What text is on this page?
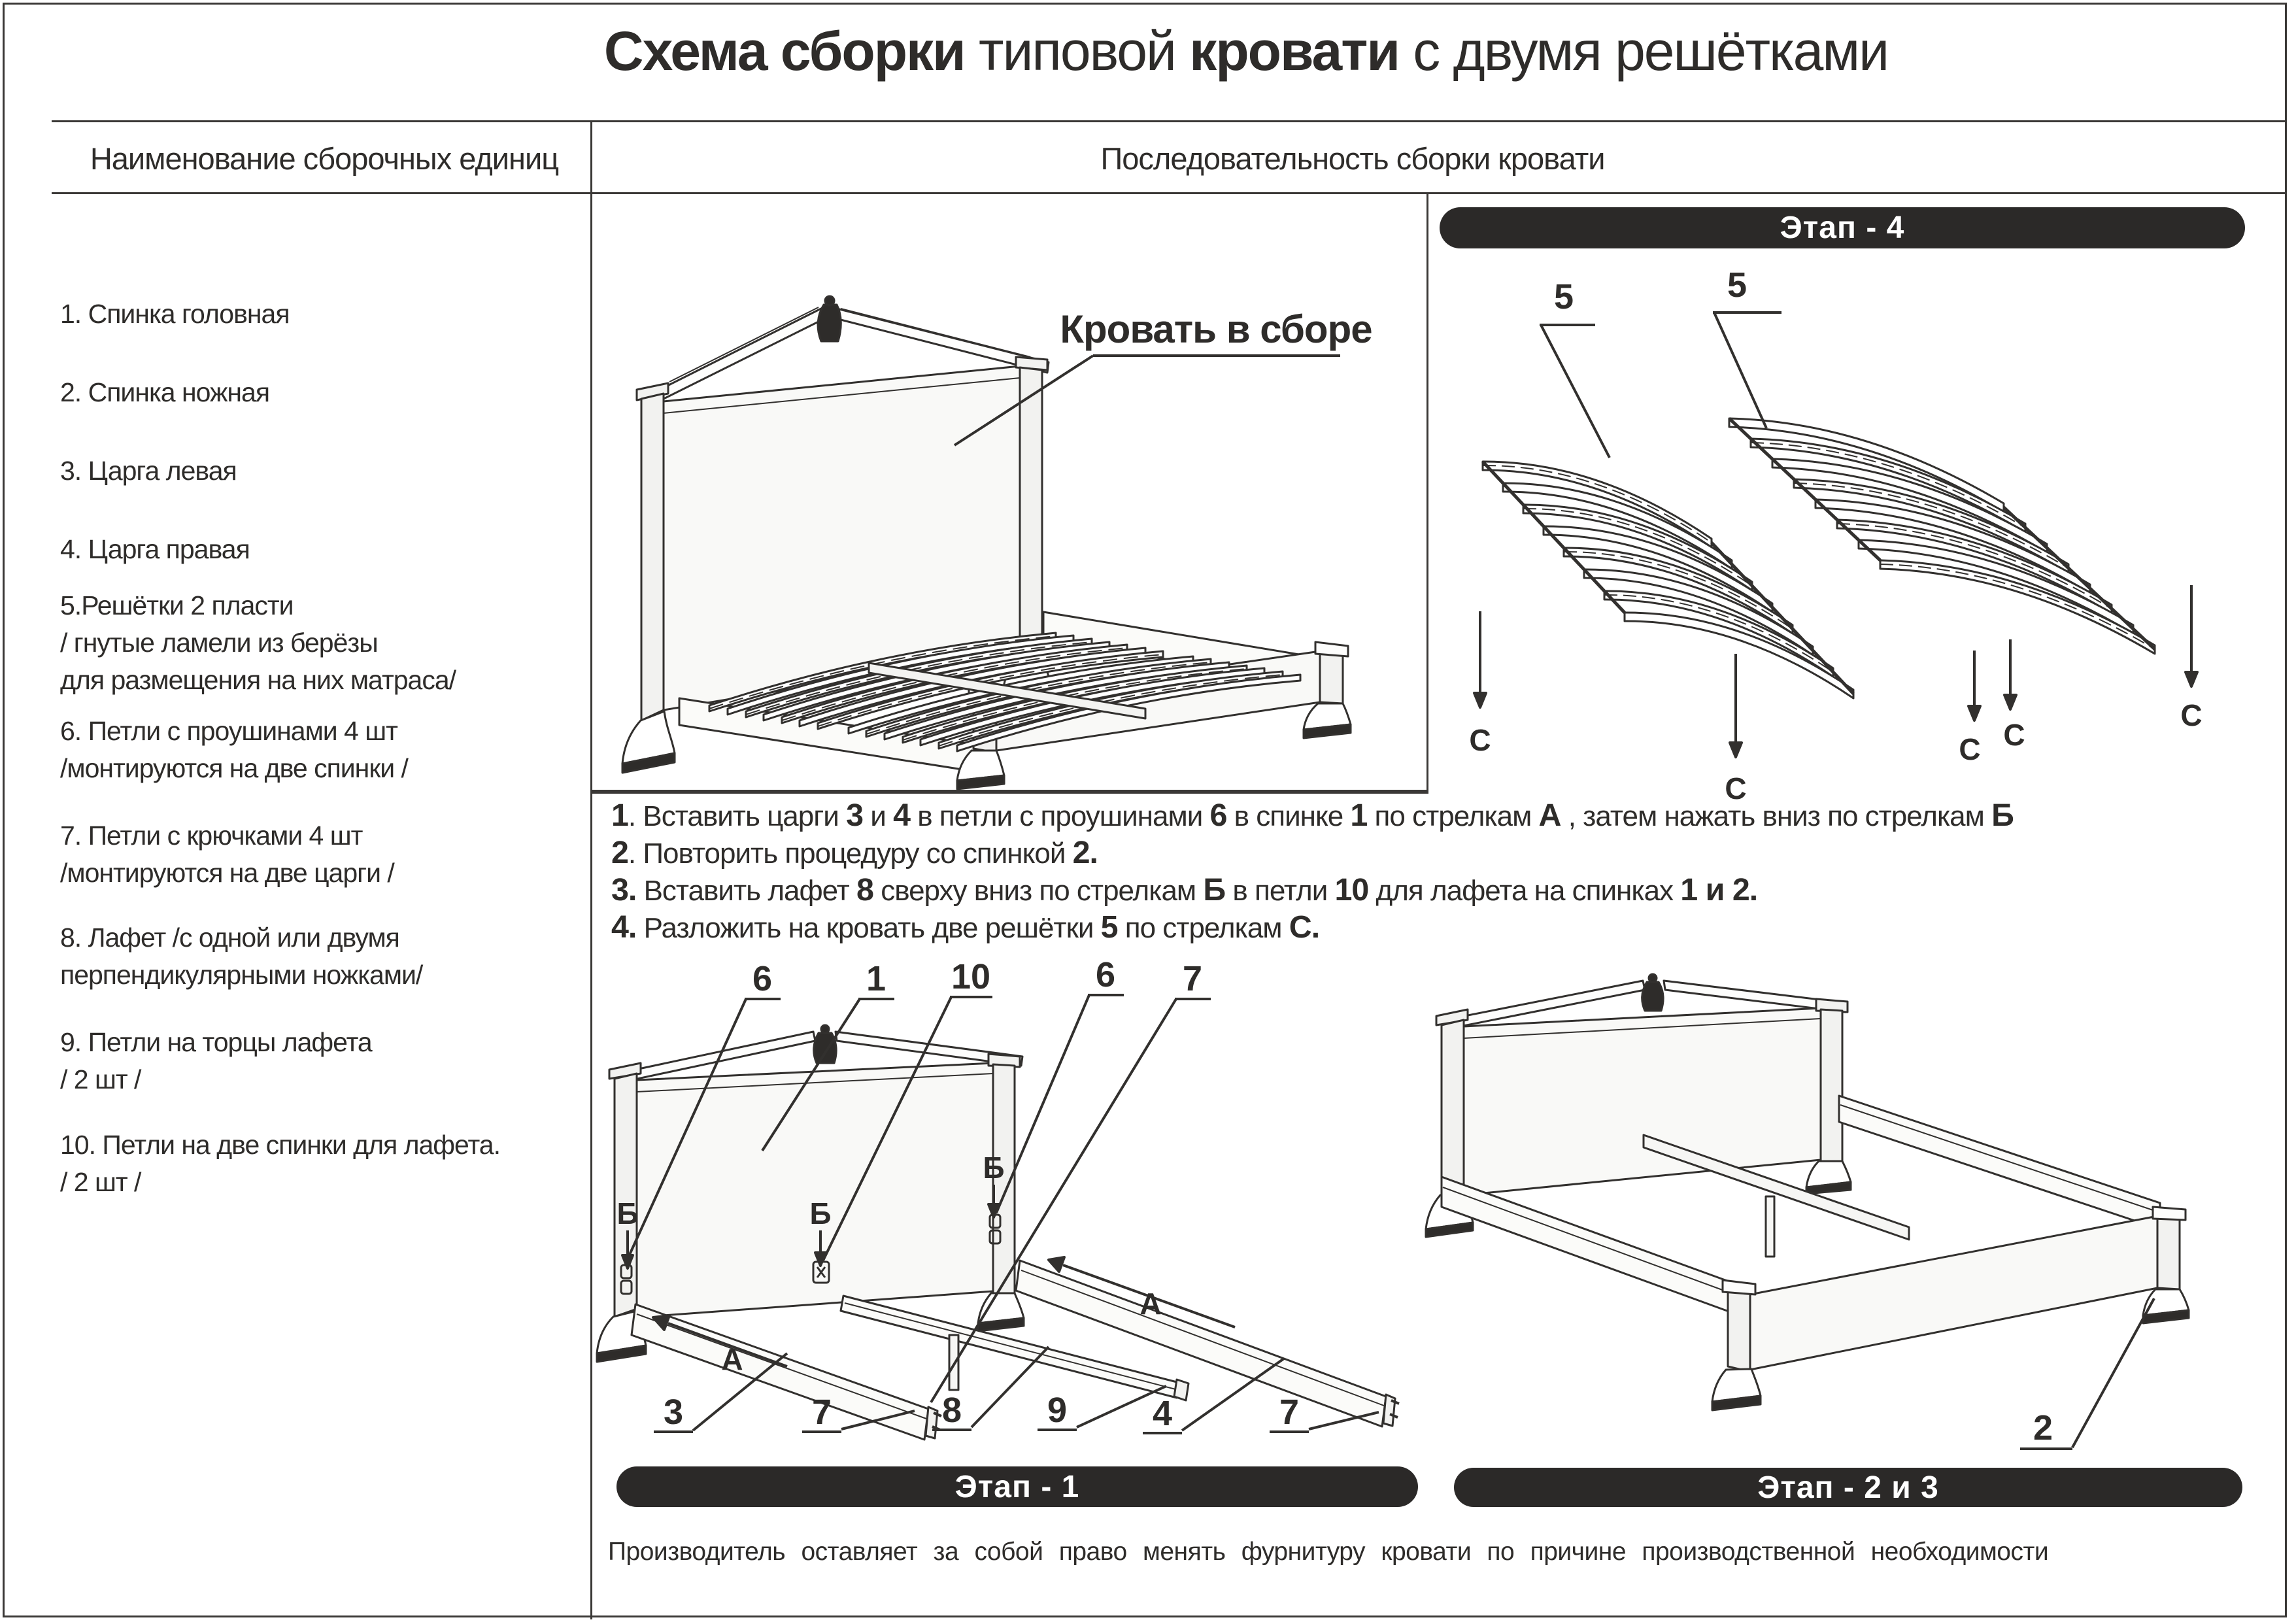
Схема сборки типовой кровати с двумя решётками
Наименование сборочных единиц	Последовательность сборки кровати
1. Спинка головная
2. Спинка ножная
3. Царга левая
4. Царга правая
5.Решётки 2 пласти
/ гнутые ламели из берёзы
для размещения на них матраса/
6. Петли с проушинами 4 шт
/монтируются на две спинки /
7. Петли с крючками 4 шт
/монтируются на две царги /
8. Лафет /с одной или двумя
перпендикулярными ножками/
9. Петли на торцы лафета
/ 2 шт /
10. Петли на две спинки для лафета.
/ 2 шт /
Кровать в сборе
Этап - 4
5	5
С
С
С С
С
1. Вставить царги 3 и 4 в петли с проушинами 6 в спинке 1 по стрелкам А , затем нажать вниз по стрелкам Б
2. Повторить процедуру со спинкой 2.
3. Вставить лафет 8 сверху вниз по стрелкам Б в петли 10 для лафета на спинках 1 и 2.
4. Разложить на кровать две решётки 5 по стрелкам С.
6	1 10	6 7
Б	Б
Б
А
А
3	7	8 9 4	7	2
Этап - 1	Этап - 2 и 3
Производитель оставляет за собой право менять фурнитуру кровати по причине производственной необходимости
